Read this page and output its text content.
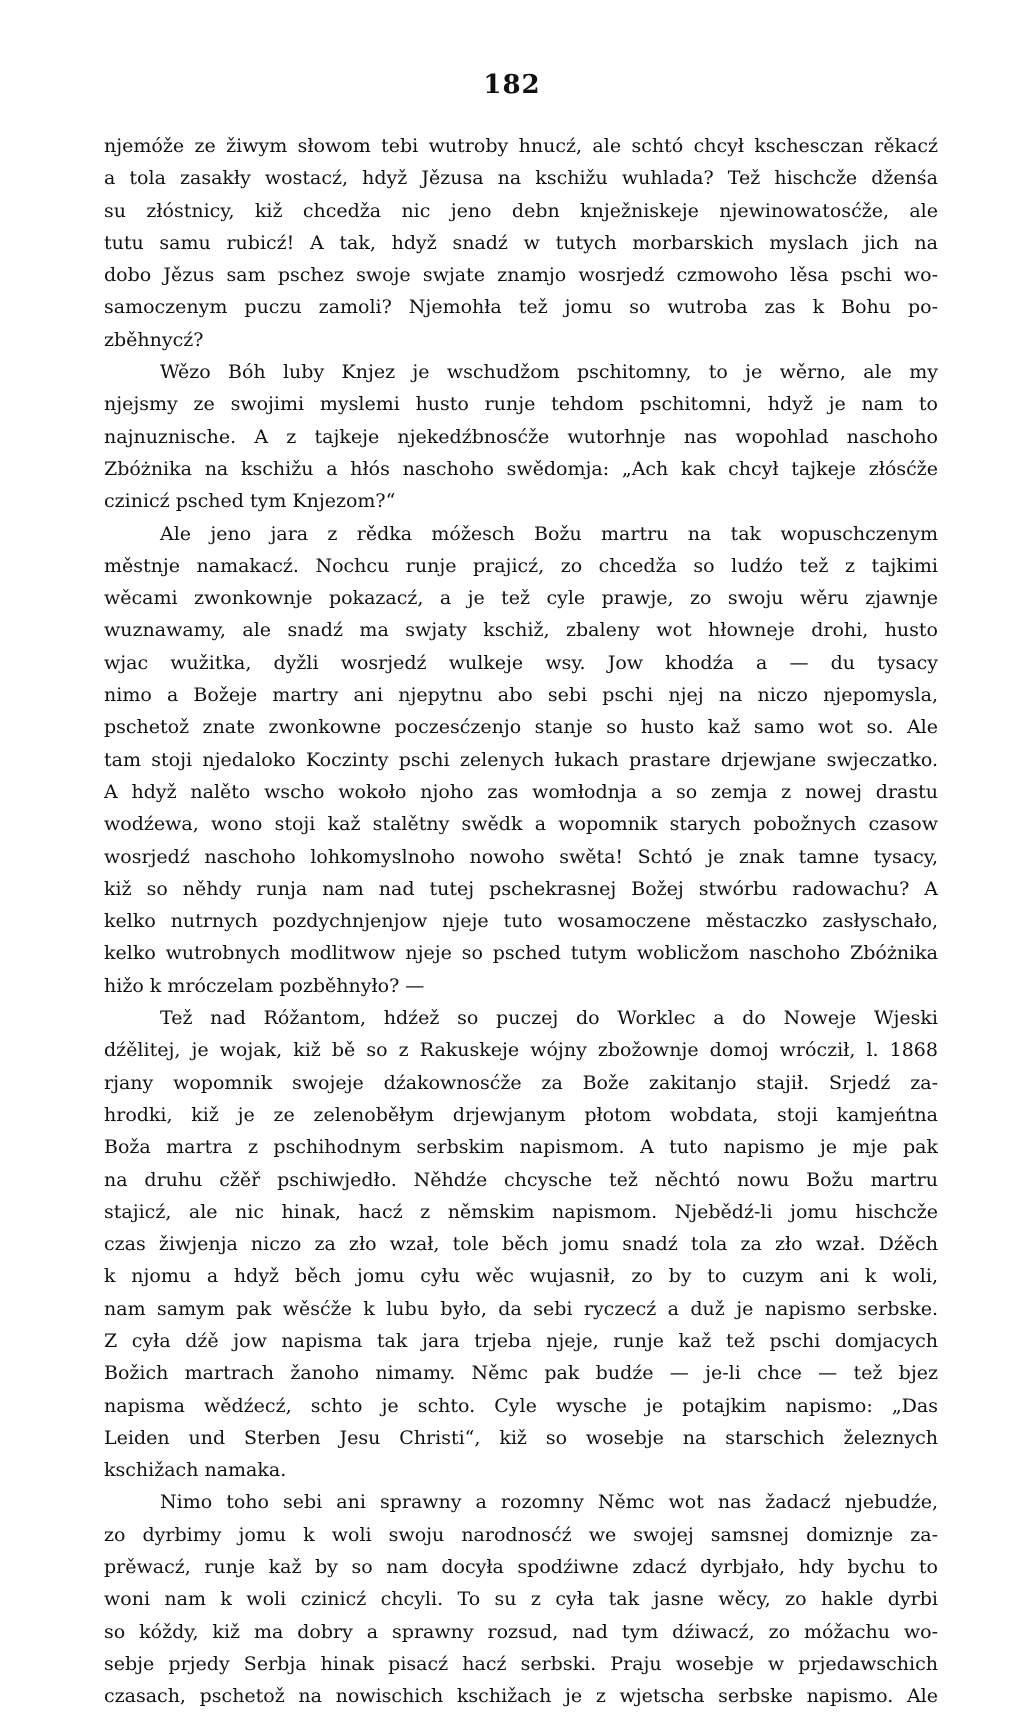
182
njemóže ze žiwym słowom tebi wutroby hnucź, ale schtó chcył kschesczan rěkacź
a tola zasakły wostacź, hdyž Jězusa na kschižu wuhlada? Tež hischcže dženśa
su złóstnicy, kiž chcedža nic jeno debn knježniskeje njewinowatosćže, ale
tutu samu rubicź! A tak, hdyž snadź w tutych morbarskich myslach jich na
dobo Jězus sam pschez swoje swjate znamjo wosrjedź czmowoho lěsa pschi wo-
samoczenym puczu zamoli? Njemohła tež jomu so wutroba zas k Bohu po-
zběhnycź?
Wězo Bóh luby Knjez je wschudžom pschitomny, to je wěrno, ale my
njejsmy ze swojimi myslemi husto runje tehdom pschitomni, hdyž je nam to
najnuznische. A z tajkeje njekedźbnosćže wutorhnje nas wopohlad naschoho
Zbóżnika na kschižu a hłós naschoho swědomja: „Ach kak chcył tajkeje złósćže
czinicź psched tym Knjezom?“
Ale jeno jara z rědka móžesch Božu martru na tak wopuschczenym
městnje namakacź. Nochcu runje prajicź, zo chcedža so ludźo tež z tajkimi
wěcami zwonkownje pokazacź, a je tež cyle prawje, zo swoju wěru zjawnje
wuznawamy, ale snadź ma swjaty kschiž, zbaleny wot hłowneje drohi, husto
wjac wužitka, dyžli wosrjedź wulkeje wsy. Jow khodźa a — du tysacy
nimo a Božeje martry ani njepytnu abo sebi pschi njej na niczo njepomysla,
pschetož znate zwonkowne poczesćzenjo stanje so husto kaž samo wot so. Ale
tam stoji njedaloko Koczinty pschi zelenych łukach prastare drjewjane swjeczatko.
A hdyž nalěto wscho wokoło njoho zas womłodnja a so zemja z nowej drastu
wodźewa, wono stoji kaž stalětny swědk a wopomnik starych pobožnych czasow
wosrjedź naschoho lohkomyslnoho nowoho swěta! Schtó je znak tamne tysacy,
kiž so něhdy runja nam nad tutej pschekrasnej Božej stwórbu radowachu? A
kelko nutrnych pozdychnjenjow njeje tuto wosamoczene městaczko zasłyschało,
kelko wutrobnych modlitwow njeje so psched tutym woblicžom naschoho Zbóżnika
hižo k mróczelam pozběhnyło? —
Tež nad Róžantom, hdźež so puczej do Worklec a do Noweje Wjeski
dźělitej, je wojak, kiž bě so z Rakuskeje wójny zbožownje domoj wrócził, l. 1868
rjany wopomnik swojeje dźakownosćže za Bože zakitanjo stajił. Srjedź za-
hrodki, kiž je ze zelenoběłym drjewjanym płotom wobdata, stoji kamjeńtna
Boža martra z pschihodnym serbskim napismom. A tuto napismo je mje pak
na druhu cžěř pschiwjedło. Něhdźe chcysche tež něchtó nowu Božu martru
stajicź, ale nic hinak, hacź z němskim napismom. Njebědź-li jomu hischcže
czas žiwjenja niczo za zło wzał, tole běch jomu snadź tola za zło wzał. Dźěch
k njomu a hdyž běch jomu cyłu wěc wujasnił, zo by to cuzym ani k woli,
nam samym pak wěsćže k lubu było, da sebi ryczecź a duž je napismo serbske.
Z cyła dźě jow napisma tak jara trjeba njeje, runje kaž tež pschi domjacych
Božich martrach žanoho nimamy. Němc pak budźe — je-li chce — tež bjez
napisma wědźecź, schto je schto. Cyle wysche je potajkim napismo: „Das
Leiden und Sterben Jesu Christi“, kiž so wosebje na starschich železnych
kschižach namaka.
Nimo toho sebi ani sprawny a rozomny Němc wot nas žadacź njebudźe,
zo dyrbimy jomu k woli swoju narodnosćź we swojej samsnej domiznje za-
prěwacź, runje kaž by so nam docyła spodźiwne zdacź dyrbjało, hdy bychu to
woni nam k woli czinicź chcyli. To su z cyła tak jasne wěcy, zo hakle dyrbi
so kóždy, kiž ma dobry a sprawny rozsud, nad tym dźiwacź, zo móžachu wo-
sebje prjedy Serbja hinak pisacź hacź serbski. Praju wosebje w prjedawschich
czasach, pschetož na nowischich kschižach je z wjetscha serbske napismo. Ale
